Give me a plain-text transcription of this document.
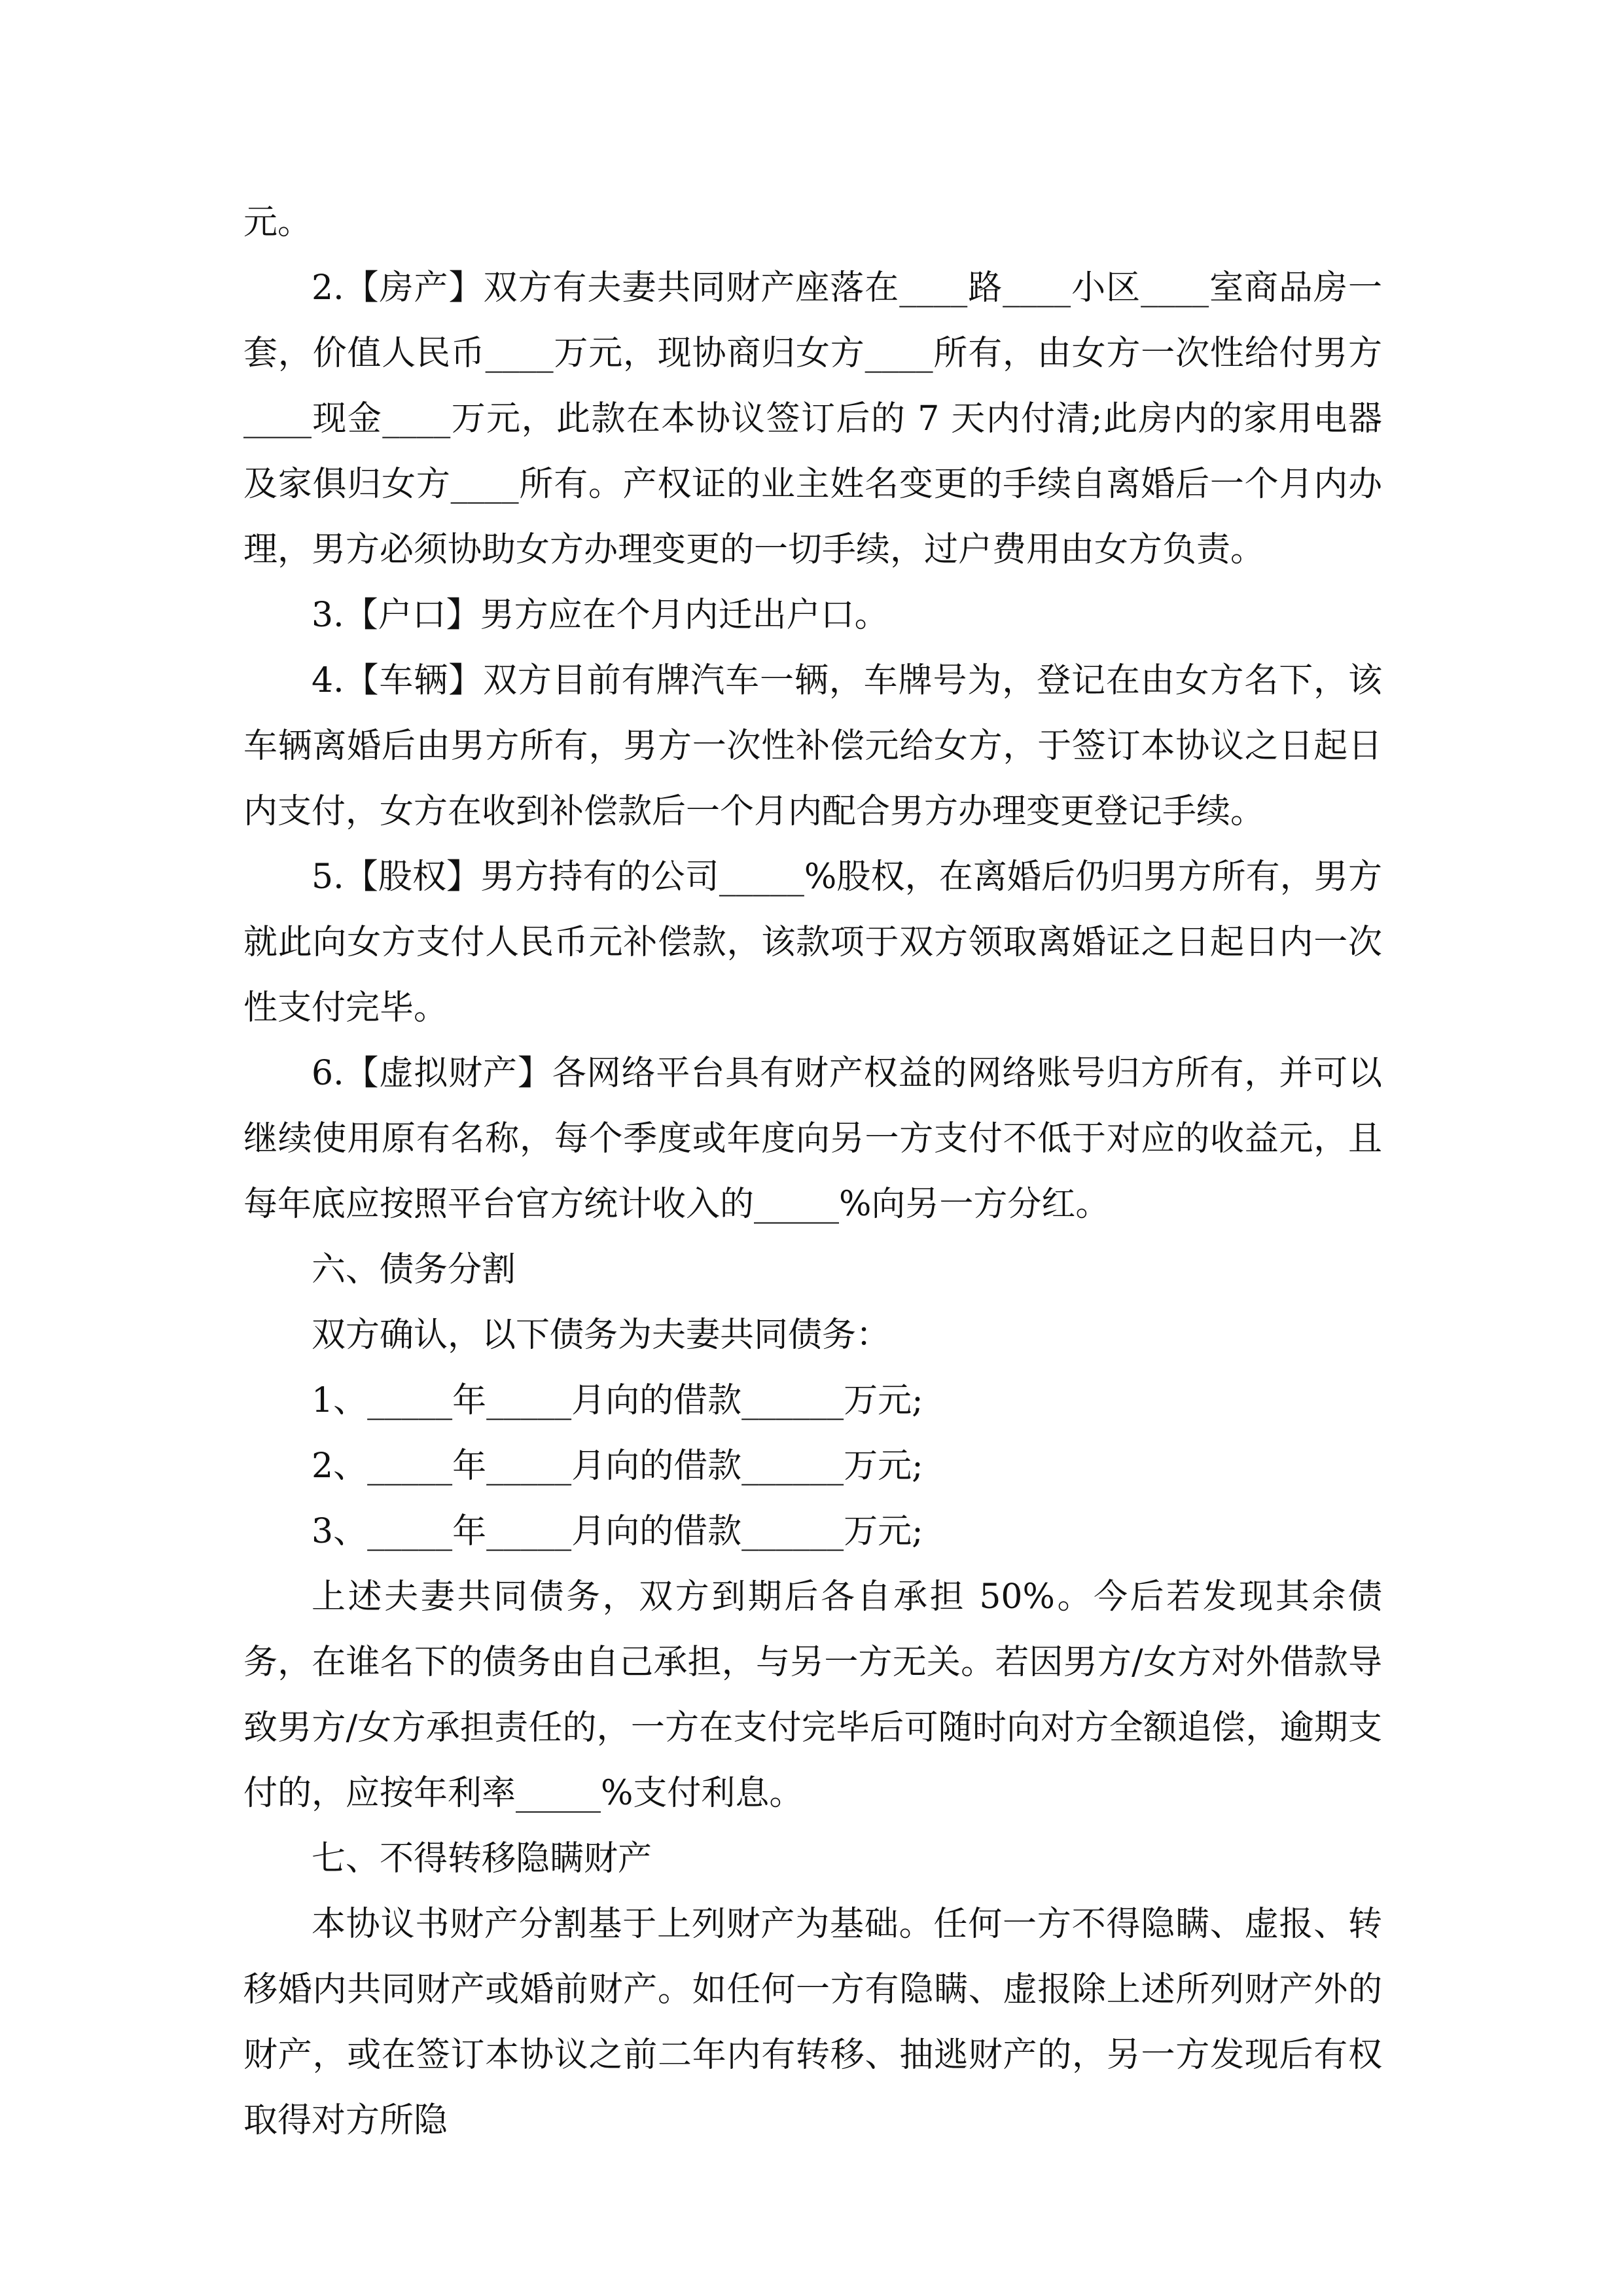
元。

2.【房产】双方有夫妻共同财产座落在____路____小区____室商品房一套，价值人民币____万元，现协商归女方____所有，由女方一次性给付男方____现金____万元，此款在本协议签订后的 7 天内付清;此房内的家用电器及家俱归女方____所有。产权证的业主姓名变更的手续自离婚后一个月内办理，男方必须协助女方办理变更的一切手续，过户费用由女方负责。

3.【户口】男方应在个月内迁出户口。

4.【车辆】双方目前有牌汽车一辆，车牌号为，登记在由女方名下，该车辆离婚后由男方所有，男方一次性补偿元给女方，于签订本协议之日起日内支付，女方在收到补偿款后一个月内配合男方办理变更登记手续。

5.【股权】男方持有的公司_____%股权，在离婚后仍归男方所有，男方就此向女方支付人民币元补偿款，该款项于双方领取离婚证之日起日内一次性支付完毕。

6.【虚拟财产】各网络平台具有财产权益的网络账号归方所有，并可以继续使用原有名称，每个季度或年度向另一方支付不低于对应的收益元，且每年底应按照平台官方统计收入的_____%向另一方分红。

六、债务分割

双方确认，以下债务为夫妻共同债务：

1、_____年_____月向的借款______万元;

2、_____年_____月向的借款______万元;

3、_____年_____月向的借款______万元;

上述夫妻共同债务，双方到期后各自承担 50%。今后若发现其余债务，在谁名下的债务由自己承担，与另一方无关。若因男方/女方对外借款导致男方/女方承担责任的，一方在支付完毕后可随时向对方全额追偿，逾期支付的，应按年利率_____%支付利息。

七、不得转移隐瞒财产

本协议书财产分割基于上列财产为基础。任何一方不得隐瞒、虚报、转移婚内共同财产或婚前财产。如任何一方有隐瞒、虚报除上述所列财产外的财产，或在签订本协议之前二年内有转移、抽逃财产的，另一方发现后有权取得对方所隐
